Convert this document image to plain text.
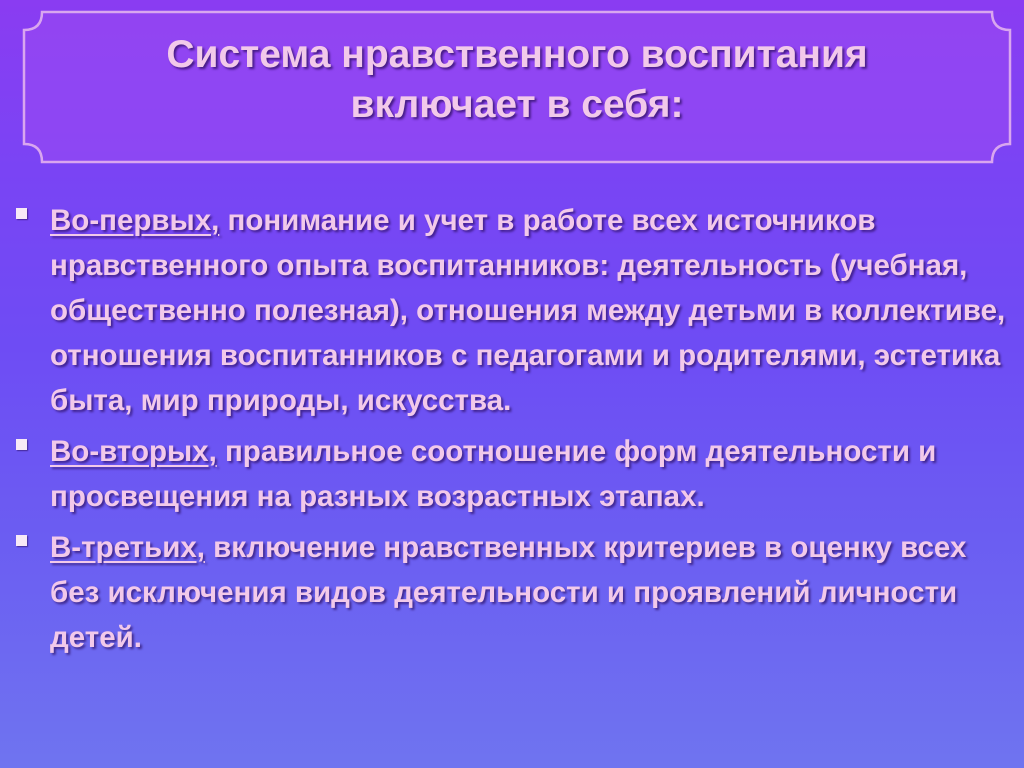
Система нравственного воспитания
включает в себя:
Во-первых, понимание и учет в работе всех источников нравственного опыта воспитанников: деятельность (учебная, общественно полезная), отношения между детьми в коллективе, отношения воспитанников с педагогами и родителями, эстетика быта, мир природы, искусства.
Во-вторых, правильное соотношение форм деятельности и просвещения на разных возрастных этапах.
В-третьих, включение нравственных критериев в оценку всех без исключения видов деятельности и проявлений личности детей.
